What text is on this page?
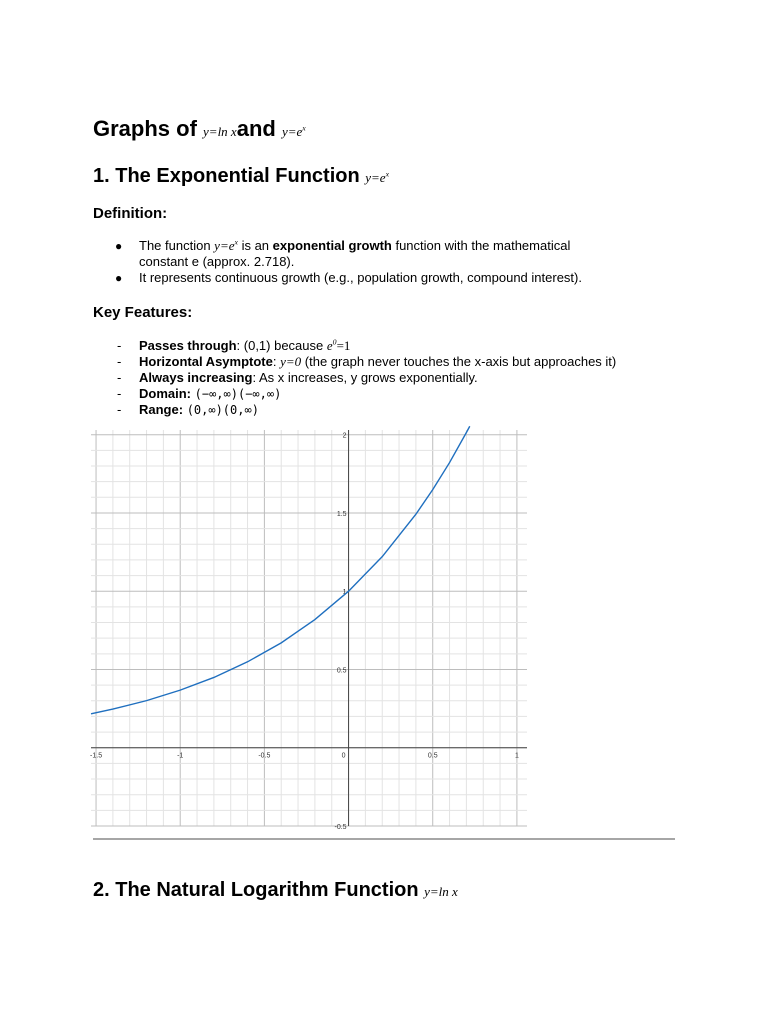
Graphs of y=ln xand $y=e^x$
1. The Exponential Function $y=e^x$
Definition:
● The function $y=e^x$ is an exponential growth function with the mathematical
constant e (approx. 2.718).
● It represents continuous growth (e.g., population growth, compound interest).
Key Features:
- Passes through: (0,1) because $e^0=1$
- Horizontal Asymptote: y=0 (the graph never touches the x-axis but approaches it)
- Always increasing: As x increases, y grows exponentially.
- Domain: (−∞,∞)(−∞,∞)
- Range: (0,∞)(0,∞)
-1.5	-1	-0.5	0	0.5	1
2
1.5
1
0.5
-0.5
2. The Natural Logarithm Function y=ln x
